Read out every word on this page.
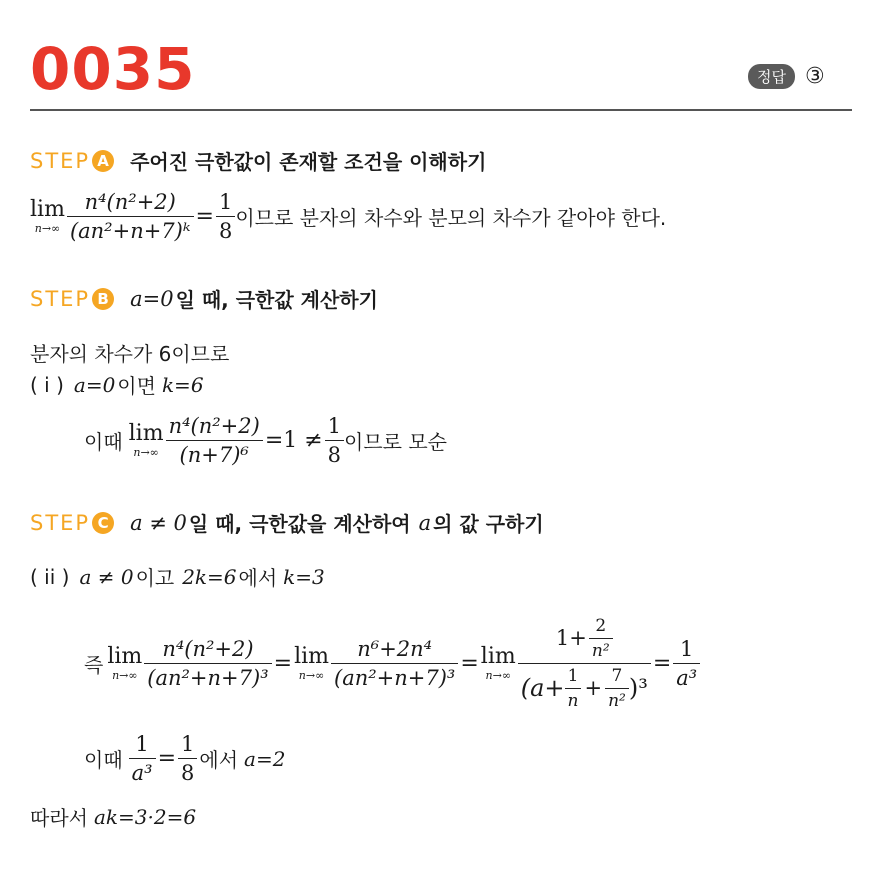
0035	정답 ③
STEP A 주어진 극한값이 존재할 조건을 이해하기
lim
$n\to\infty \frac{\text{n⁴(n²+2)}}{\text{(an²+n+7)ᵏ}} = \frac{1}{8}$ 이므로 분자의 차수와 분모의 차수가 같아야 한다.
STEP B a=0 일 때, 극한값 계산하기
분자의 차수가 6이므로
( i ) a=0 이면 k=6
이때 lim
$n\to\infty \frac{\text{n⁴(n²+2)}}{\text{(n+7)⁶}} =1 \ne \frac{1}{8}$ 이므로 모순
STEP C a ≠ 0 일 때, 극한값을 계산하여 a 의 값 구하기
( ii ) a ≠ 0 이고 2k=6 에서 k=3
즉 lim
$n\to\infty \frac{\text{n⁴(n²+2)}}{\text{(an²+n+7)³}} = \lim$
$n\to\infty \frac{\text{n⁶+2n⁴}}{\text{(an²+n+7)³}} = \lim$
n→∞
$1+ \frac{2}{\text{n²}}$
$(a+ \frac{1}{n} + \frac{7}{\text{n²}} )^3$
= $\frac{1}{\text{a³}}$
이때 $\frac{1}{\text{a³}} = \frac{1}{8}$ 에서 a=2
따라서 ak=3·2=6
